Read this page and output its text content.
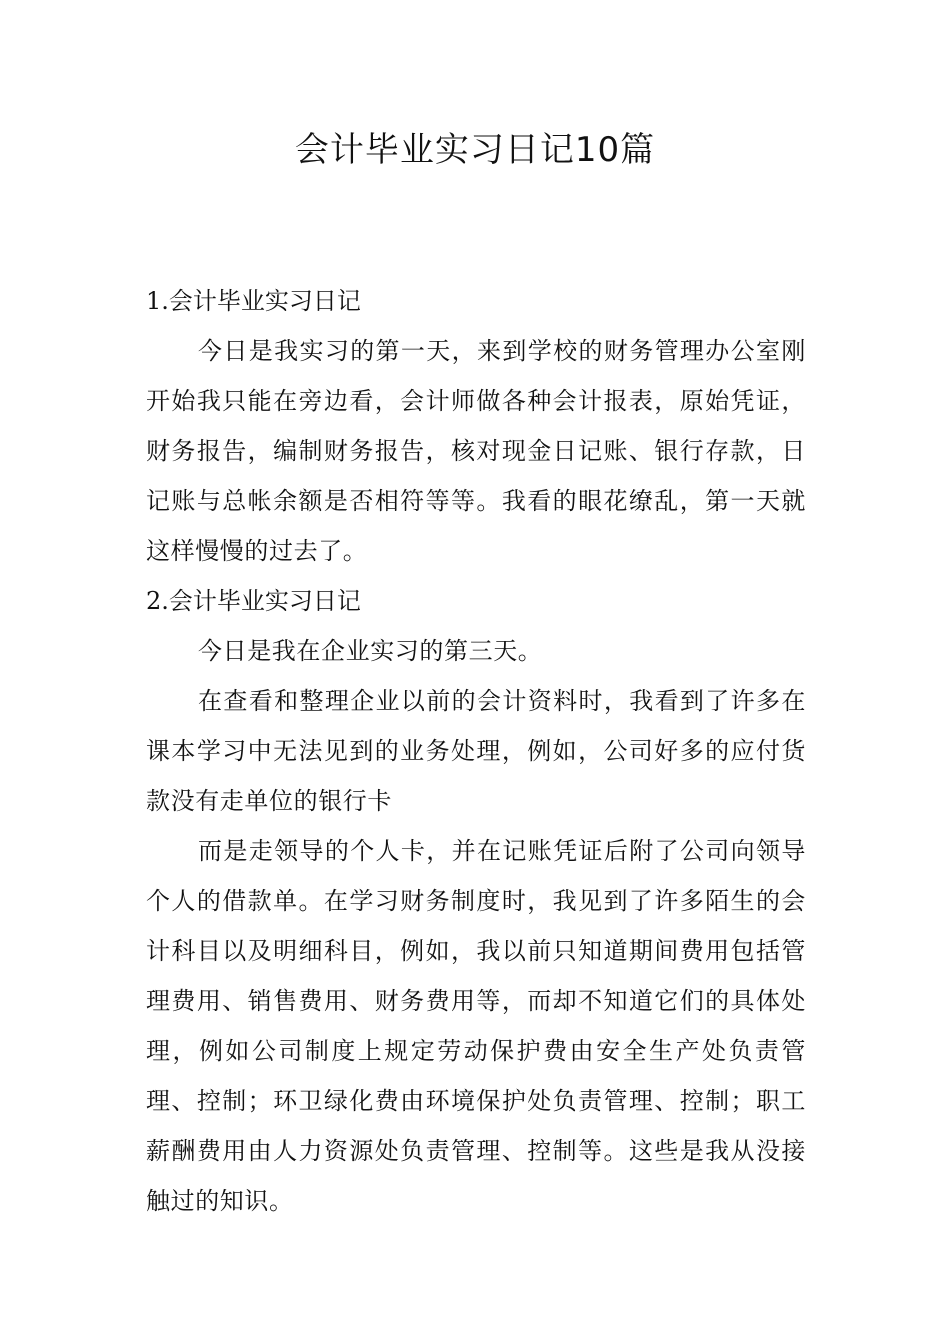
会计毕业实习日记10篇
1.会计毕业实习日记

今日是我实习的第一天，来到学校的财务管理办公室刚开始我只能在旁边看，会计师做各种会计报表，原始凭证，财务报告，编制财务报告，核对现金日记账、银行存款，日记账与总帐余额是否相符等等。我看的眼花缭乱，第一天就这样慢慢的过去了。

2.会计毕业实习日记

今日是我在企业实习的第三天。

在查看和整理企业以前的会计资料时，我看到了许多在课本学习中无法见到的业务处理，例如，公司好多的应付货款没有走单位的银行卡

而是走领导的个人卡，并在记账凭证后附了公司向领导个人的借款单。在学习财务制度时，我见到了许多陌生的会计科目以及明细科目，例如，我以前只知道期间费用包括管理费用、销售费用、财务费用等，而却不知道它们的具体处理，例如公司制度上规定劳动保护费由安全生产处负责管理、控制；环卫绿化费由环境保护处负责管理、控制；职工薪酬费用由人力资源处负责管理、控制等。这些是我从没接触过的知识。
